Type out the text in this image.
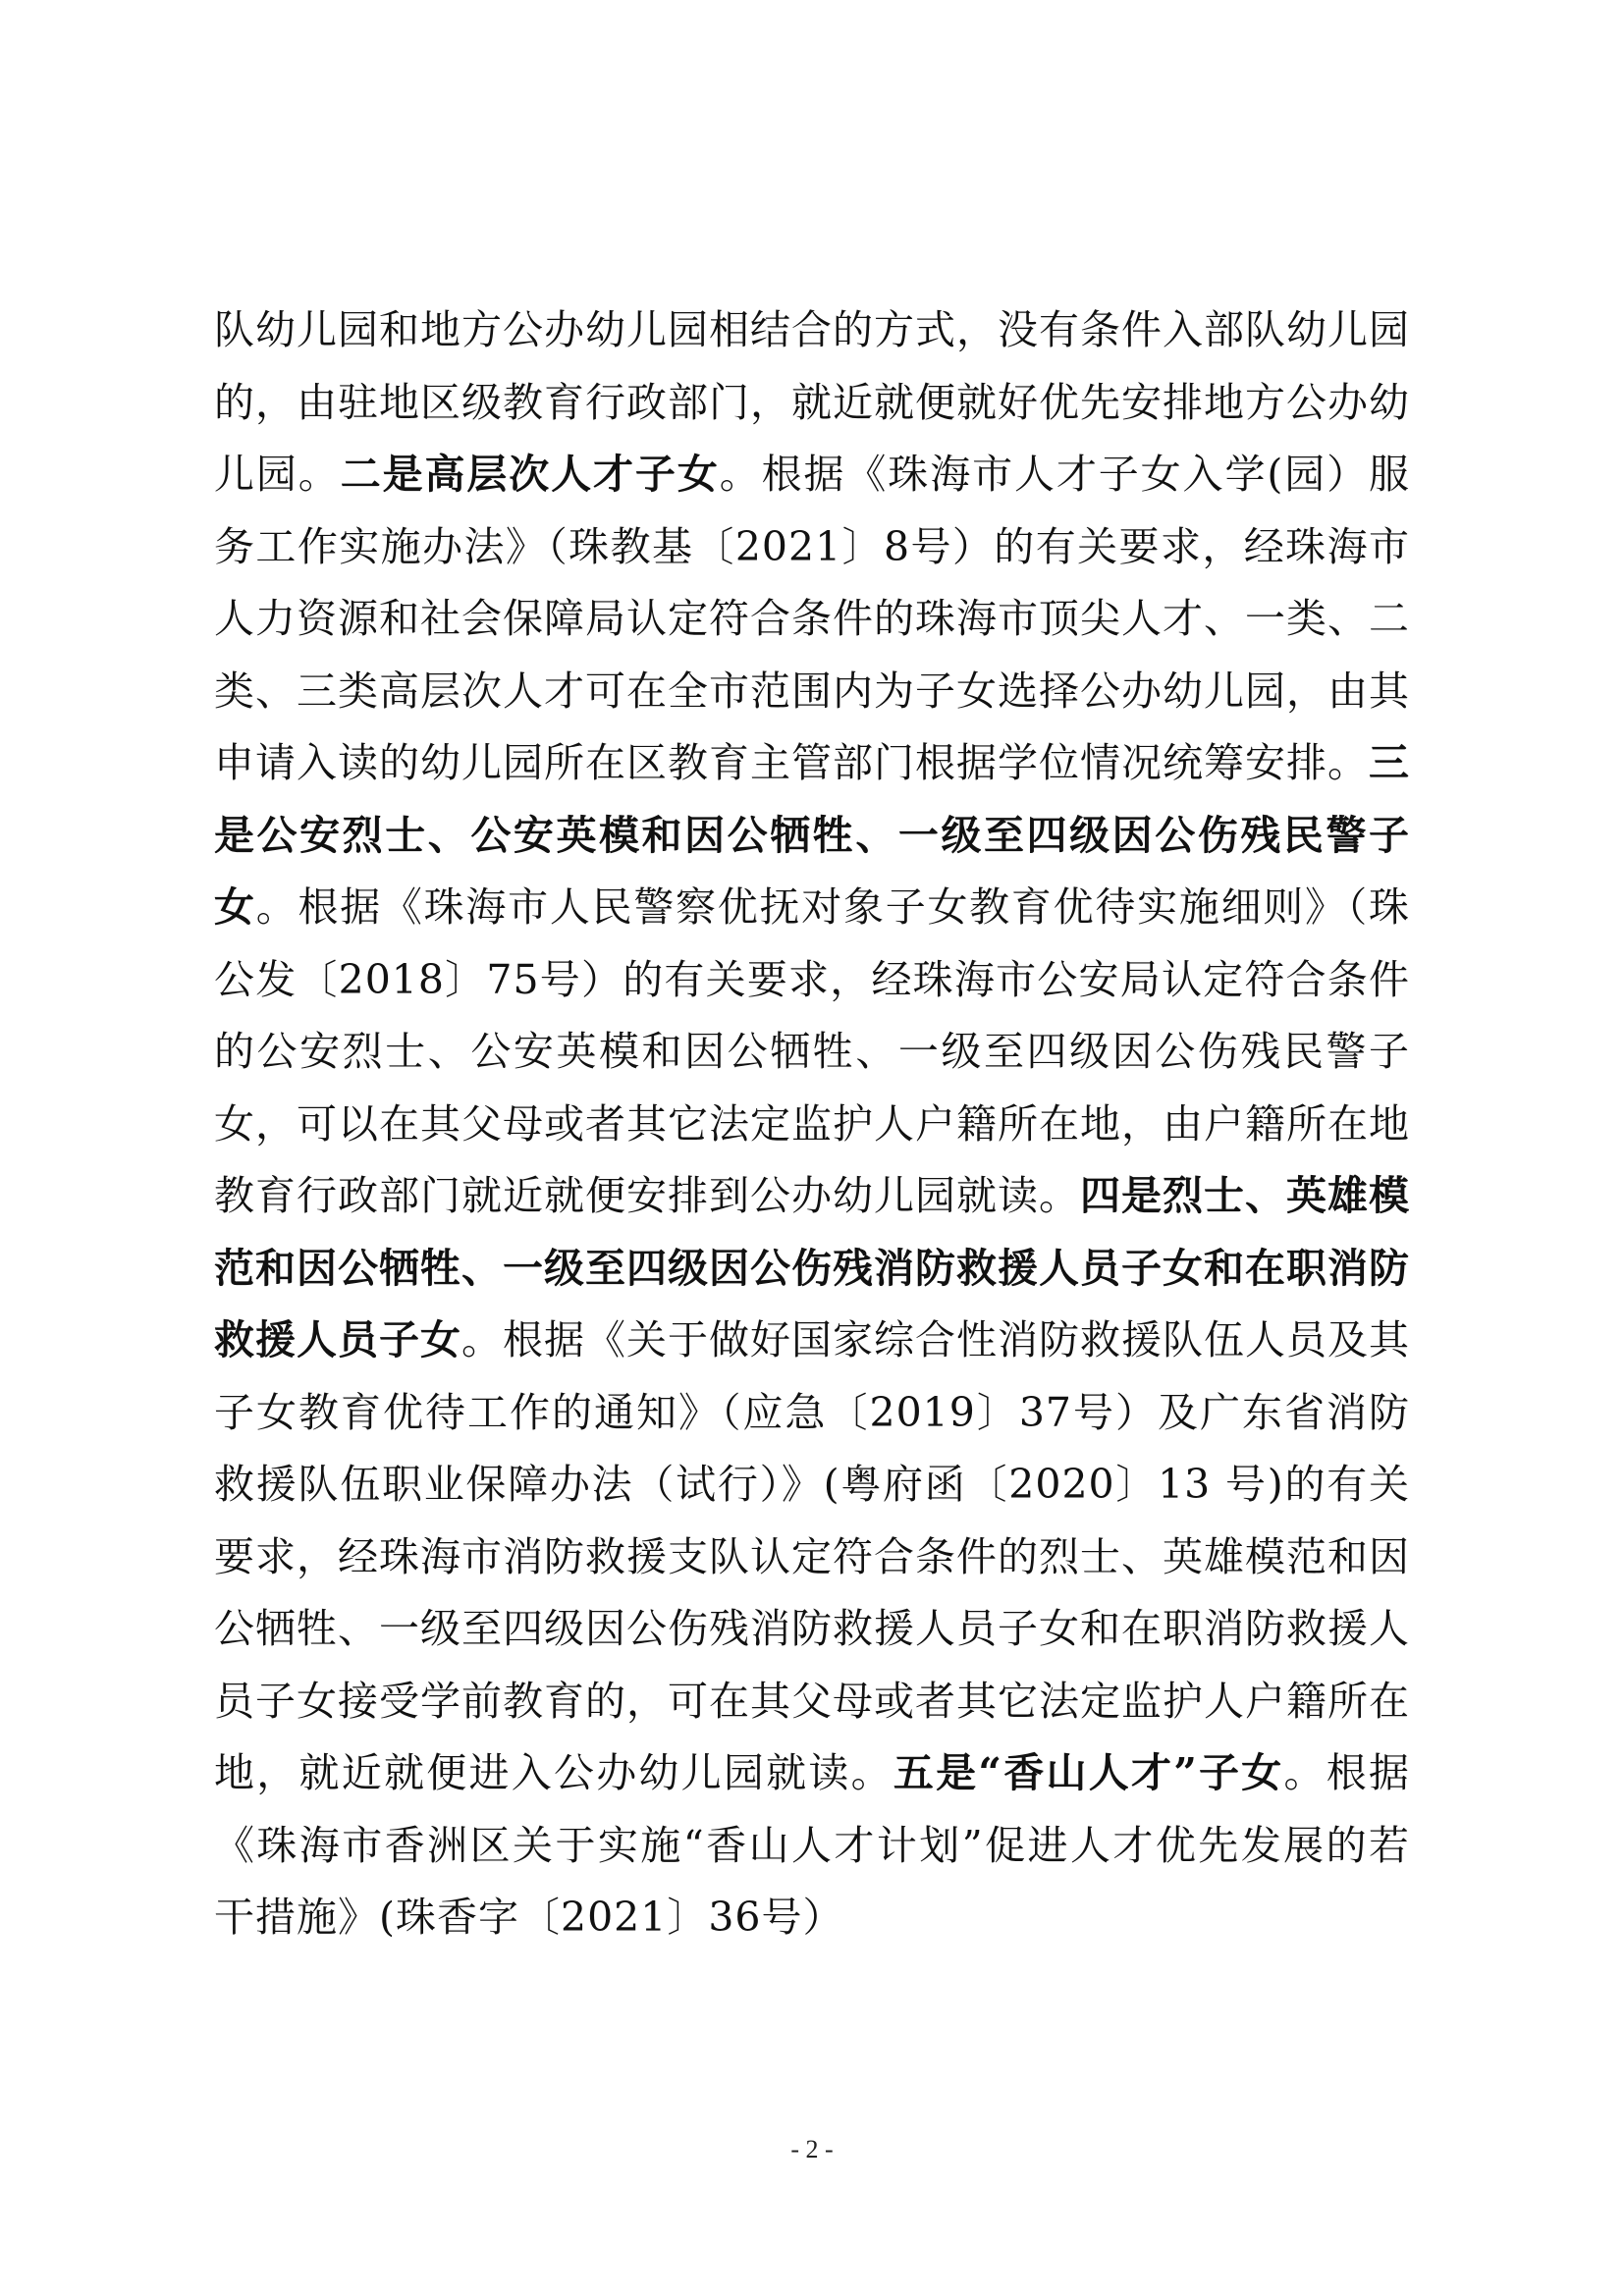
队幼儿园和地方公办幼儿园相结合的方式，没有条件入部队幼儿园的，由驻地区级教育行政部门，就近就便就好优先安排地方公办幼儿园。二是高层次人才子女。根据《珠海市人才子女入学(园）服务工作实施办法》（珠教基〔2021〕8号）的有关要求，经珠海市人力资源和社会保障局认定符合条件的珠海市顶尖人才、一类、二类、三类高层次人才可在全市范围内为子女选择公办幼儿园，由其申请入读的幼儿园所在区教育主管部门根据学位情况统筹安排。三是公安烈士、公安英模和因公牺牲、一级至四级因公伤残民警子女。根据《珠海市人民警察优抚对象子女教育优待实施细则》（珠公发〔2018〕75号）的有关要求，经珠海市公安局认定符合条件的公安烈士、公安英模和因公牺牲、一级至四级因公伤残民警子女，可以在其父母或者其它法定监护人户籍所在地，由户籍所在地教育行政部门就近就便安排到公办幼儿园就读。四是烈士、英雄模范和因公牺牲、一级至四级因公伤残消防救援人员子女和在职消防救援人员子女。根据《关于做好国家综合性消防救援队伍人员及其子女教育优待工作的通知》（应急〔2019〕37号）及广东省消防救援队伍职业保障办法（试行）》(粤府函〔2020〕13 号)的有关要求，经珠海市消防救援支队认定符合条件的烈士、英雄模范和因公牺牲、一级至四级因公伤残消防救援人员子女和在职消防救援人员子女接受学前教育的，可在其父母或者其它法定监护人户籍所在地，就近就便进入公办幼儿园就读。五是“香山人才”子女。根据《珠海市香洲区关于实施“香山人才计划”促进人才优先发展的若干措施》(珠香字〔2021〕36号）

- 2 -
